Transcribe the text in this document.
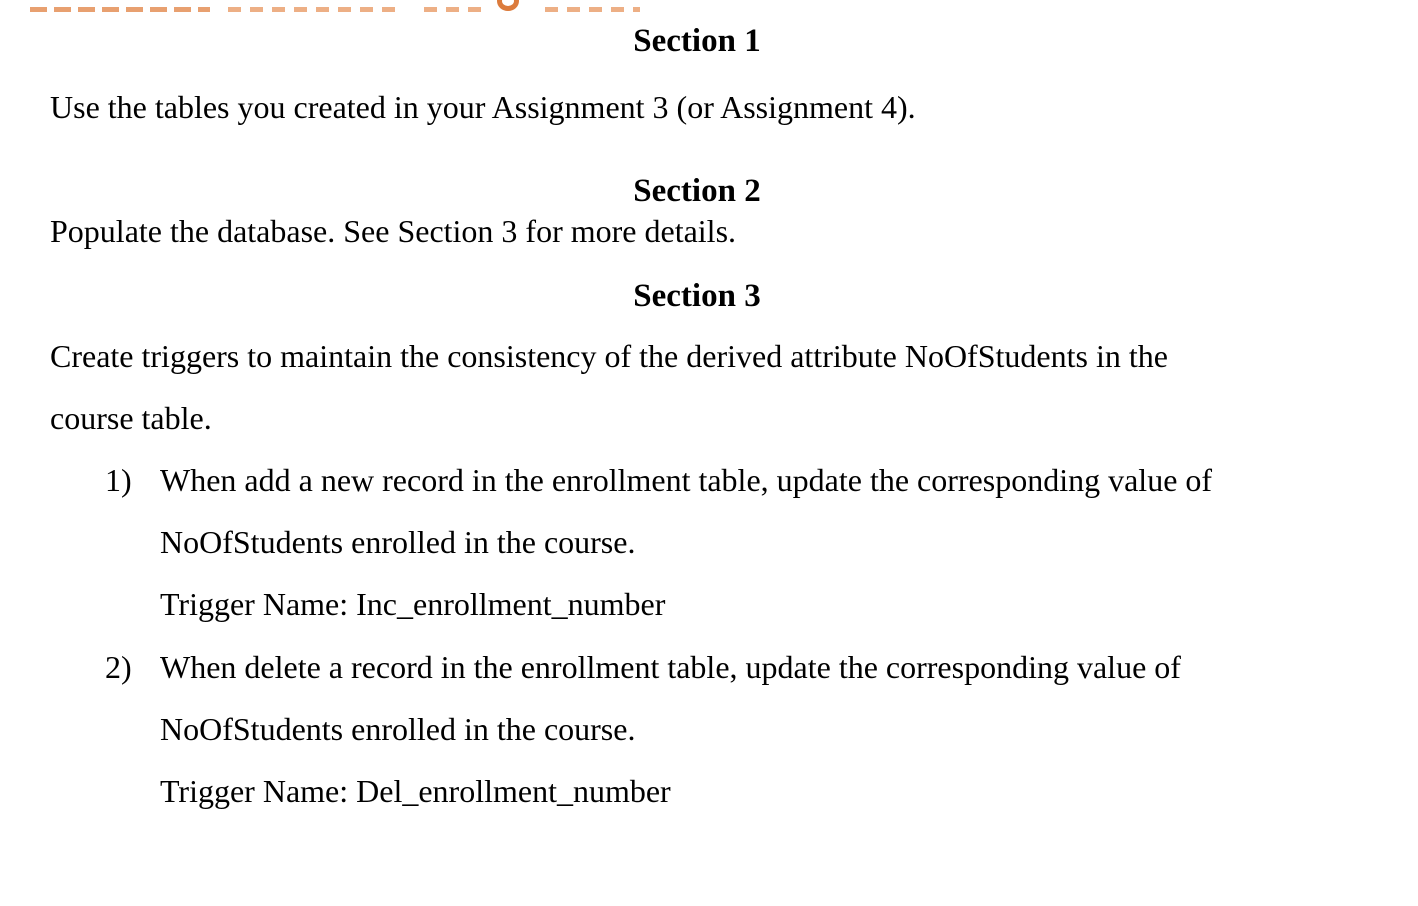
Section 1
Use the tables you created in your Assignment 3 (or Assignment 4).
Section 2
Populate the database. See Section 3 for more details.
Section 3
Create triggers to maintain the consistency of the derived attribute NoOfStudents in the
course table.
1) When add a new record in the enrollment table, update the corresponding value of
NoOfStudents enrolled in the course.
Trigger Name: Inc_enrollment_number
2) When delete a record in the enrollment table, update the corresponding value of
NoOfStudents enrolled in the course.
Trigger Name: Del_enrollment_number
